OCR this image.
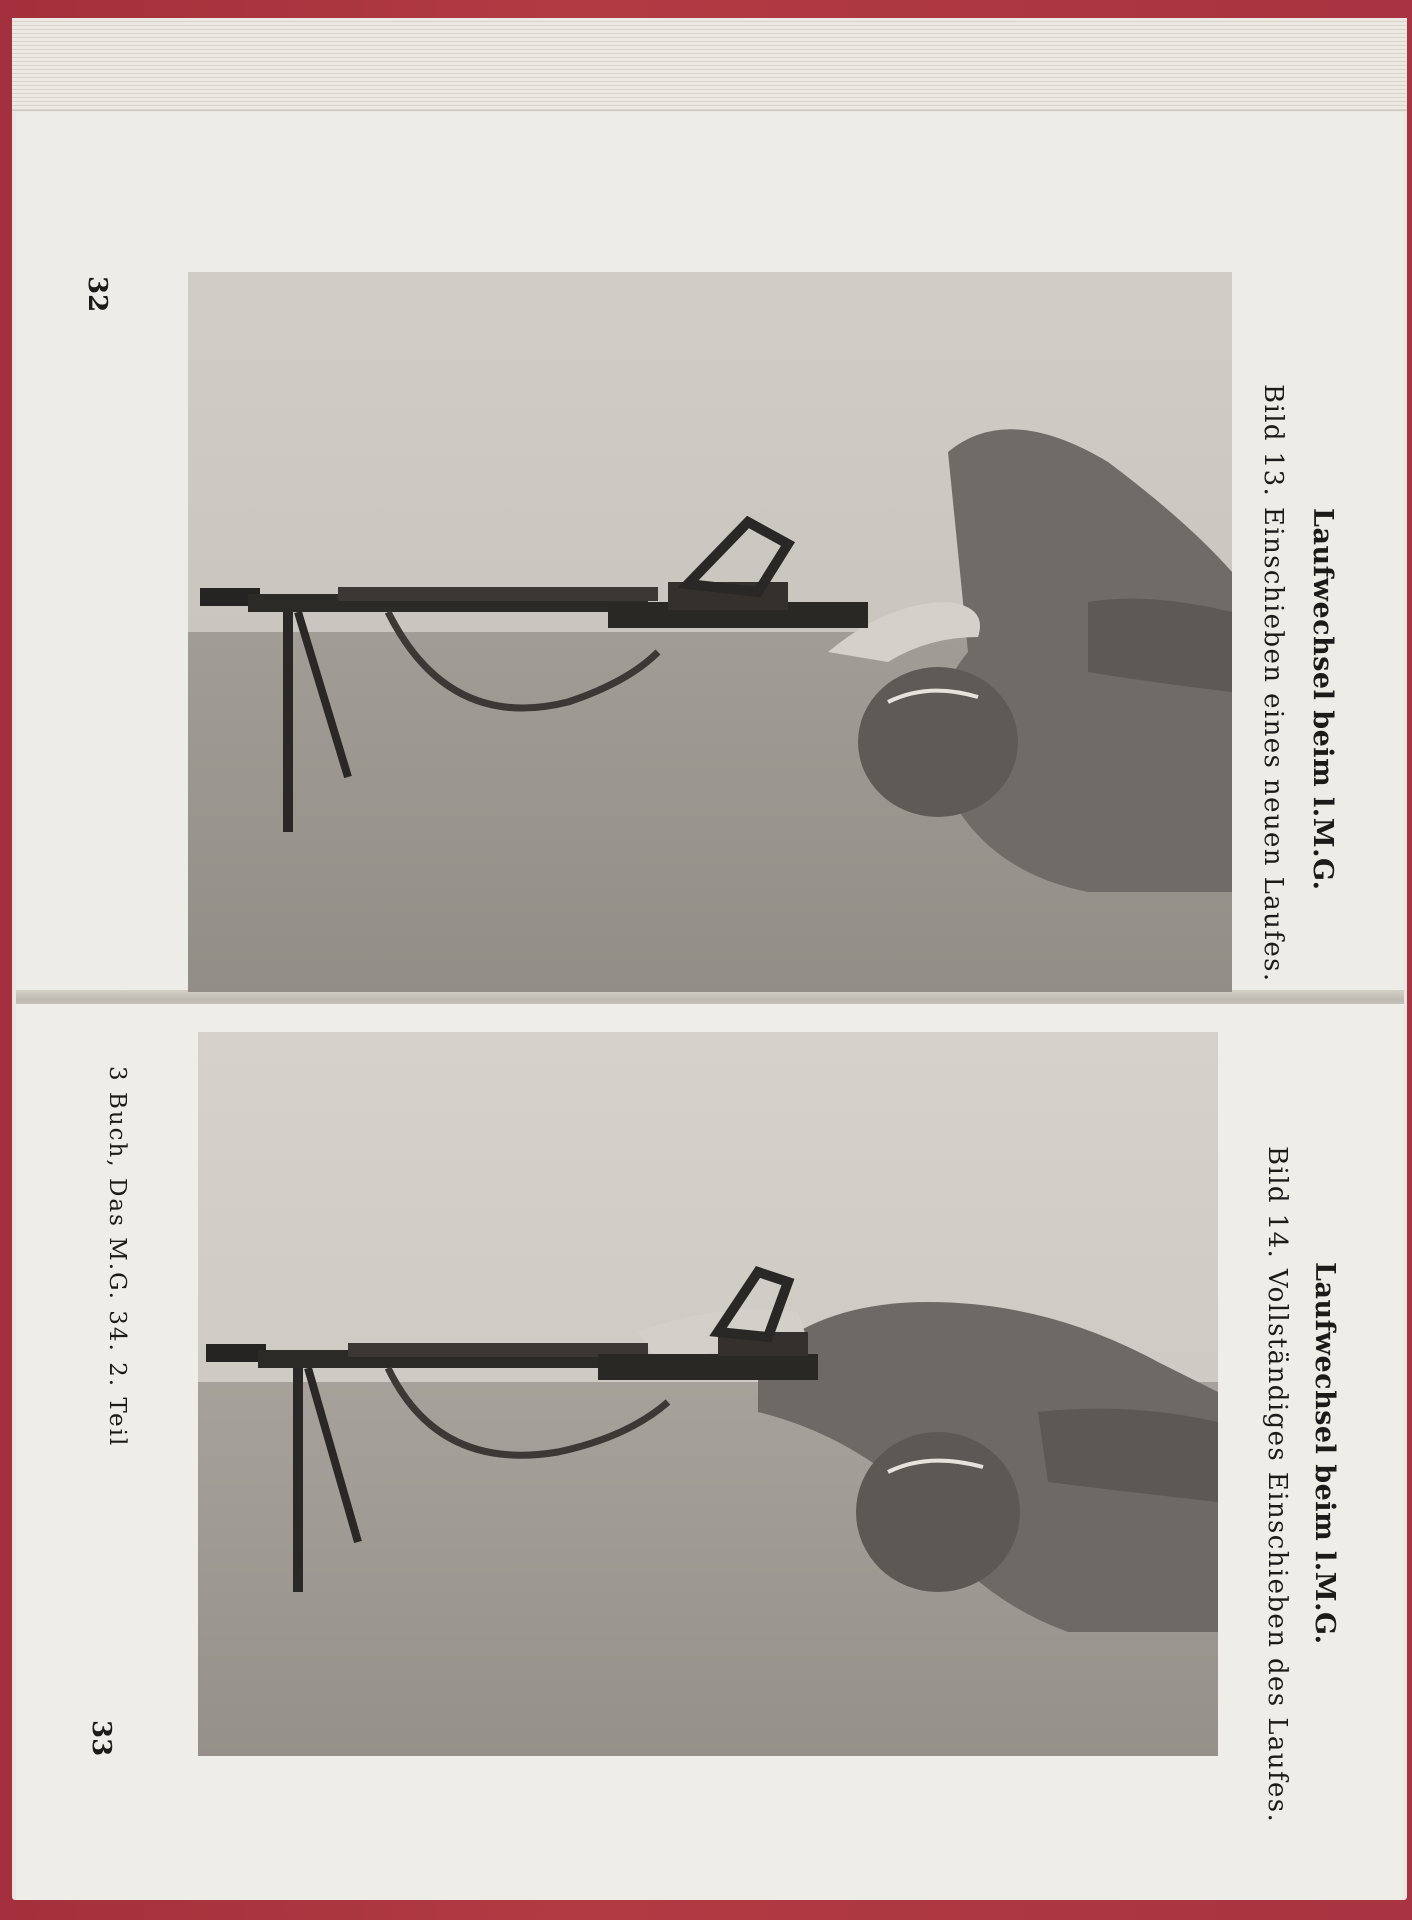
32
Laufwechsel beim l.M.G.
Bild 13. Einschieben eines neuen Laufes.
3 Buch, Das M.G. 34. 2. Teil
Laufwechsel beim l.M.G.
Bild 14. Vollständiges Einschieben des Laufes.
33
